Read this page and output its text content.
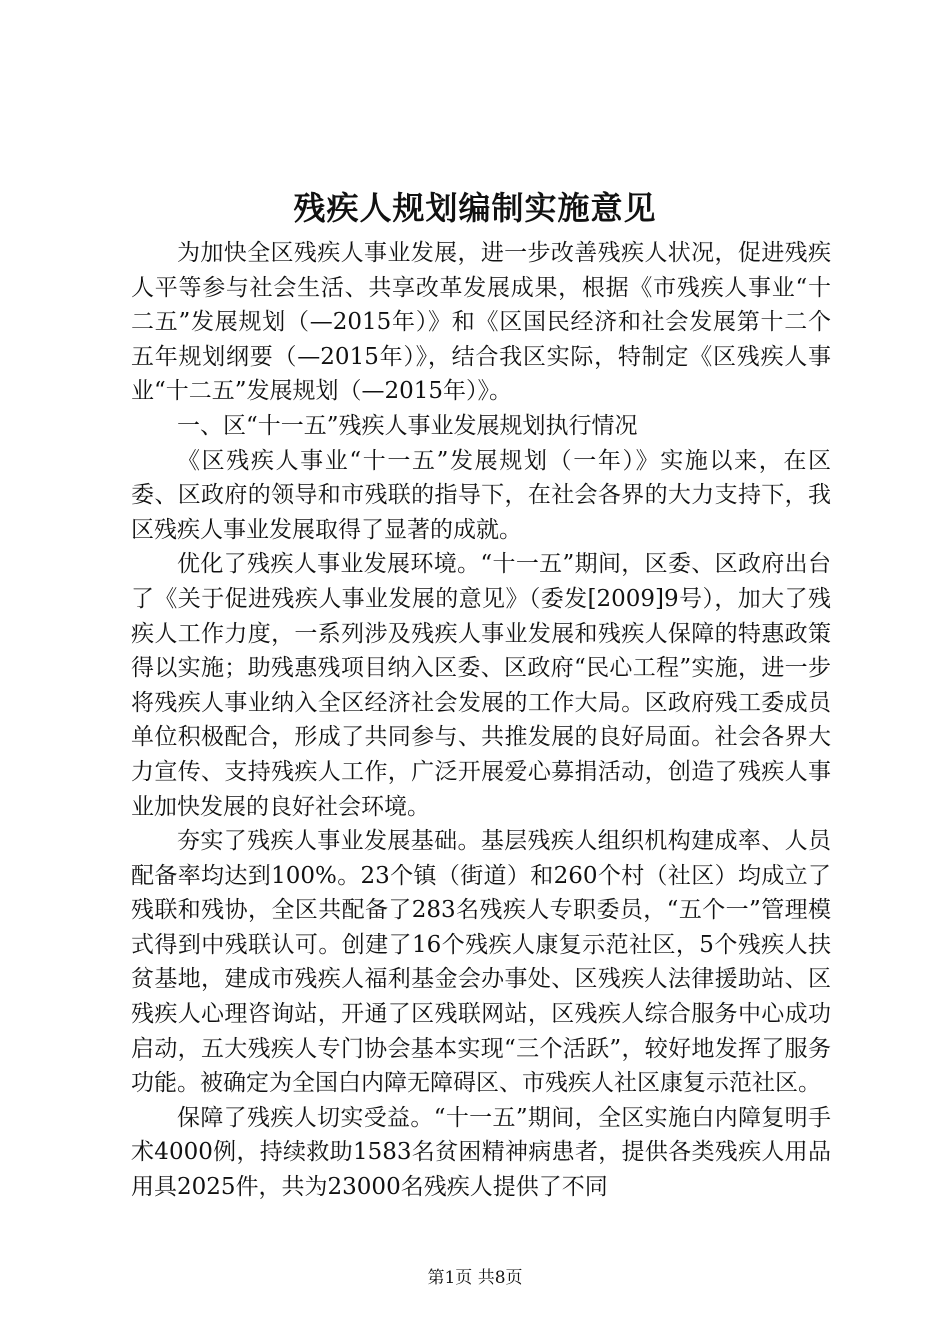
残疾人规划编制实施意见

为加快全区残疾人事业发展，进一步改善残疾人状况，促进残疾人平等参与社会生活、共享改革发展成果，根据《市残疾人事业“十二五”发展规划（—2015年）》和《区国民经济和社会发展第十二个五年规划纲要（—2015年）》，结合我区实际，特制定《区残疾人事业“十二五”发展规划（—2015年）》。

一、区“十一五”残疾人事业发展规划执行情况

《区残疾人事业“十一五”发展规划（一年）》实施以来，在区委、区政府的领导和市残联的指导下，在社会各界的大力支持下，我区残疾人事业发展取得了显著的成就。

优化了残疾人事业发展环境。“十一五”期间，区委、区政府出台了《关于促进残疾人事业发展的意见》（委发[2009]9号），加大了残疾人工作力度，一系列涉及残疾人事业发展和残疾人保障的特惠政策得以实施；助残惠残项目纳入区委、区政府“民心工程”实施，进一步将残疾人事业纳入全区经济社会发展的工作大局。区政府残工委成员单位积极配合，形成了共同参与、共推发展的良好局面。社会各界大力宣传、支持残疾人工作，广泛开展爱心募捐活动，创造了残疾人事业加快发展的良好社会环境。

夯实了残疾人事业发展基础。基层残疾人组织机构建成率、人员配备率均达到100%。23个镇（街道）和260个村（社区）均成立了残联和残协，全区共配备了283名残疾人专职委员，“五个一”管理模式得到中残联认可。创建了16个残疾人康复示范社区，5个残疾人扶贫基地，建成市残疾人福利基金会办事处、区残疾人法律援助站、区残疾人心理咨询站，开通了区残联网站，区残疾人综合服务中心成功启动，五大残疾人专门协会基本实现“三个活跃”，较好地发挥了服务功能。被确定为全国白内障无障碍区、市残疾人社区康复示范社区。

保障了残疾人切实受益。“十一五”期间，全区实施白内障复明手术4000例，持续救助1583名贫困精神病患者，提供各类残疾人用品用具2025件，共为23000名残疾人提供了不同

第1页 共8页
